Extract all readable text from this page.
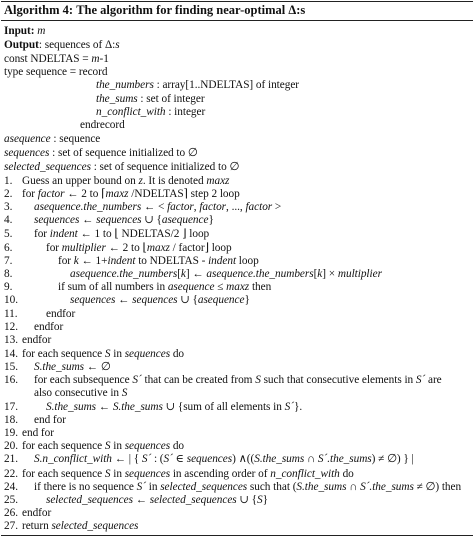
Algorithm 4: The algorithm for finding near-optimal Δ:s
Input: m
Output: sequences of Δ:s
const NDELTAS = m-1
type sequence = record
the_numbers : array[1..NDELTAS] of integer
the_sums : set of integer
n_conflict_with : integer
endrecord
asequence : sequence
sequences : set of sequence initialized to ∅
selected_sequences : set of sequence initialized to ∅
1. Guess an upper bound on z. It is denoted maxz
2. for factor ← 2 to ⌈maxz /NDELTAS⌉ step 2 loop
3. asequence.the_numbers ← < factor, factor, ..., factor >
4. sequences ← sequences ∪ {asequence}
5. for indent ← 1 to ⌊ NDELTAS/2 ⌋ loop
6.	for multiplier ← 2 to ⌊maxz / factor⌋ loop
7.	for k ← 1+indent to NDELTAS - indent loop
8.	asequence.the_numbers[k] ← asequence.the_numbers[k] × multiplier
9.	if sum of all numbers in asequence ≤ maxz then
10.	sequences ← sequences ∪ {asequence}
11.	endfor
12. endfor
13. endfor
14. for each sequence S in sequences do
15. S.the_sums ← ∅
16. for each subsequence S´ that can be created from S such that consecutive elements in S´ are
also consecutive in S
17. S.the_sums ← S.the_sums ∪ {sum of all elements in S´}.
18. end for
19. end for
20. for each sequence S in sequences do
21. S.n_conflict_with ← | { S´ : (S´ ∈ sequences) ∧((S.the_sums ∩ S´.the_sums) ≠ ∅) } |
22. for each sequence S in sequences in ascending order of n_conflict_with do
24. if there is no sequence S´ in selected_sequences such that (S.the_sums ∩ S´.the_sums ≠ ∅) then
25. selected_sequences ← selected_sequences ∪ {S}
26. endfor
27. return selected_sequences
